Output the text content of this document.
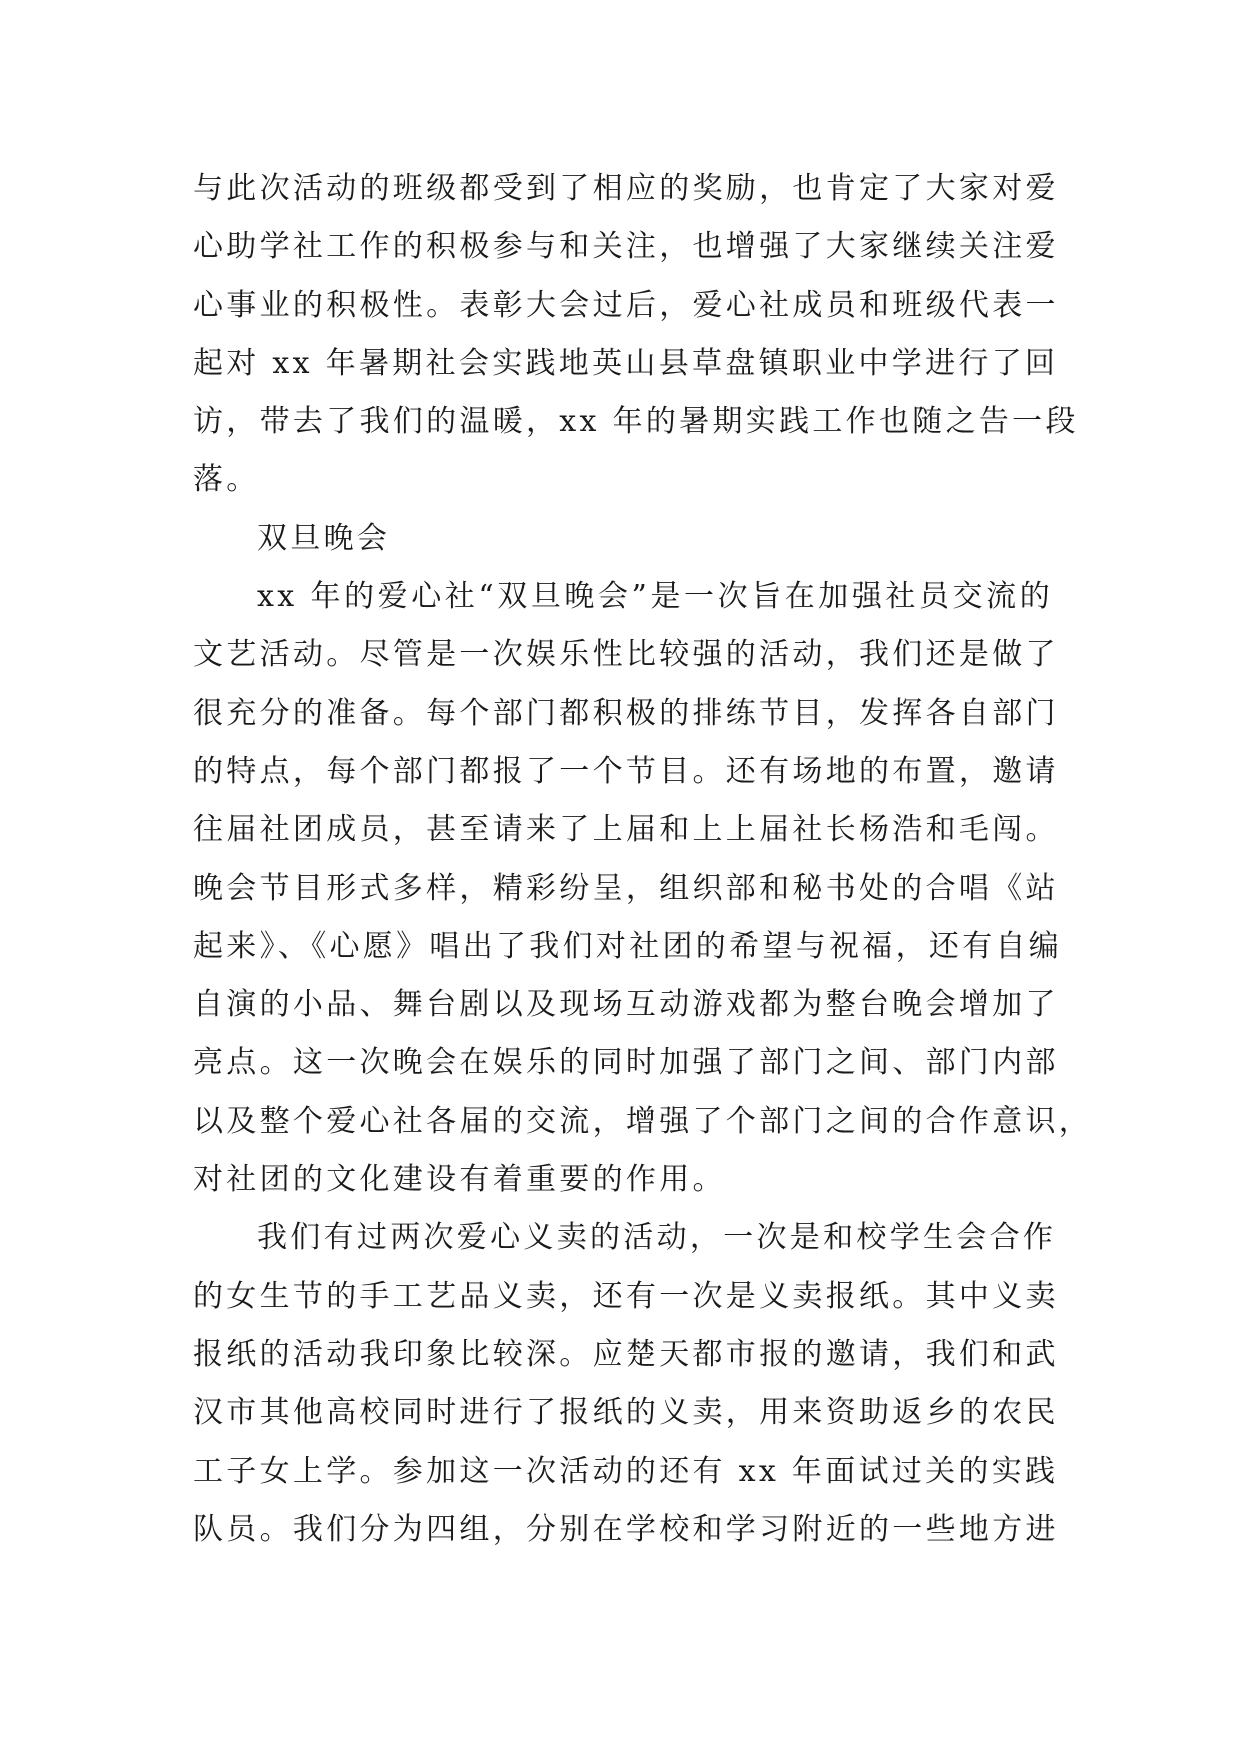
与此次活动的班级都受到了相应的奖励，也肯定了大家对爱
心助学社工作的积极参与和关注，也增强了大家继续关注爱
心事业的积极性。表彰大会过后，爱心社成员和班级代表一
起对 xx 年暑期社会实践地英山县草盘镇职业中学进行了回
访，带去了我们的温暖，xx 年的暑期实践工作也随之告一段
落。
双旦晚会
xx 年的爱心社“双旦晚会”是一次旨在加强社员交流的
文艺活动。尽管是一次娱乐性比较强的活动，我们还是做了
很充分的准备。每个部门都积极的排练节目，发挥各自部门
的特点，每个部门都报了一个节目。还有场地的布置，邀请
往届社团成员，甚至请来了上届和上上届社长杨浩和毛闯。
晚会节目形式多样，精彩纷呈，组织部和秘书处的合唱《站
起来》、《心愿》唱出了我们对社团的希望与祝福，还有自编
自演的小品、舞台剧以及现场互动游戏都为整台晚会增加了
亮点。这一次晚会在娱乐的同时加强了部门之间、部门内部
以及整个爱心社各届的交流，增强了个部门之间的合作意识，
对社团的文化建设有着重要的作用。
我们有过两次爱心义卖的活动，一次是和校学生会合作
的女生节的手工艺品义卖，还有一次是义卖报纸。其中义卖
报纸的活动我印象比较深。应楚天都市报的邀请，我们和武
汉市其他高校同时进行了报纸的义卖，用来资助返乡的农民
工子女上学。参加这一次活动的还有 xx 年面试过关的实践
队员。我们分为四组，分别在学校和学习附近的一些地方进
